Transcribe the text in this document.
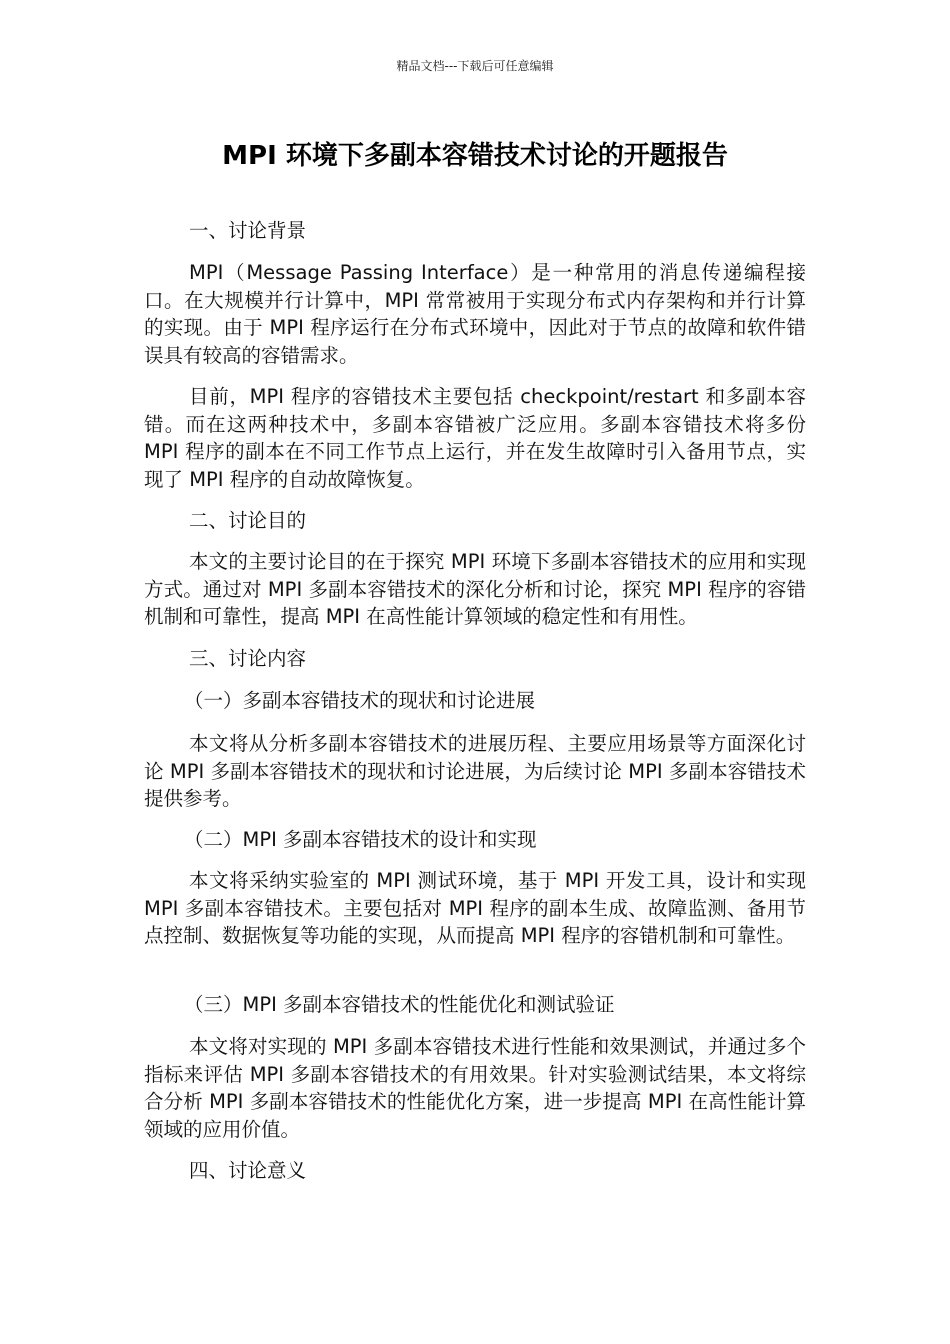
精品文档---下载后可任意编辑
MPI 环境下多副本容错技术讨论的开题报告

一、讨论背景

MPI（Message Passing Interface）是一种常用的消息传递编程接口。在大规模并行计算中，MPI 常常被用于实现分布式内存架构和并行计算的实现。由于 MPI 程序运行在分布式环境中，因此对于节点的故障和软件错误具有较高的容错需求。

目前，MPI 程序的容错技术主要包括 checkpoint/restart 和多副本容错。而在这两种技术中，多副本容错被广泛应用。多副本容错技术将多份 MPI 程序的副本在不同工作节点上运行，并在发生故障时引入备用节点，实现了 MPI 程序的自动故障恢复。

二、讨论目的

本文的主要讨论目的在于探究 MPI 环境下多副本容错技术的应用和实现方式。通过对 MPI 多副本容错技术的深化分析和讨论，探究 MPI 程序的容错机制和可靠性，提高 MPI 在高性能计算领域的稳定性和有用性。

三、讨论内容

（一）多副本容错技术的现状和讨论进展

本文将从分析多副本容错技术的进展历程、主要应用场景等方面深化讨论 MPI 多副本容错技术的现状和讨论进展，为后续讨论 MPI 多副本容错技术提供参考。

（二）MPI 多副本容错技术的设计和实现

本文将采纳实验室的 MPI 测试环境，基于 MPI 开发工具，设计和实现 MPI 多副本容错技术。主要包括对 MPI 程序的副本生成、故障监测、备用节点控制、数据恢复等功能的实现，从而提高 MPI 程序的容错机制和可靠性。

（三）MPI 多副本容错技术的性能优化和测试验证

本文将对实现的 MPI 多副本容错技术进行性能和效果测试，并通过多个指标来评估 MPI 多副本容错技术的有用效果。针对实验测试结果，本文将综合分析 MPI 多副本容错技术的性能优化方案，进一步提高 MPI 在高性能计算领域的应用价值。

四、讨论意义
